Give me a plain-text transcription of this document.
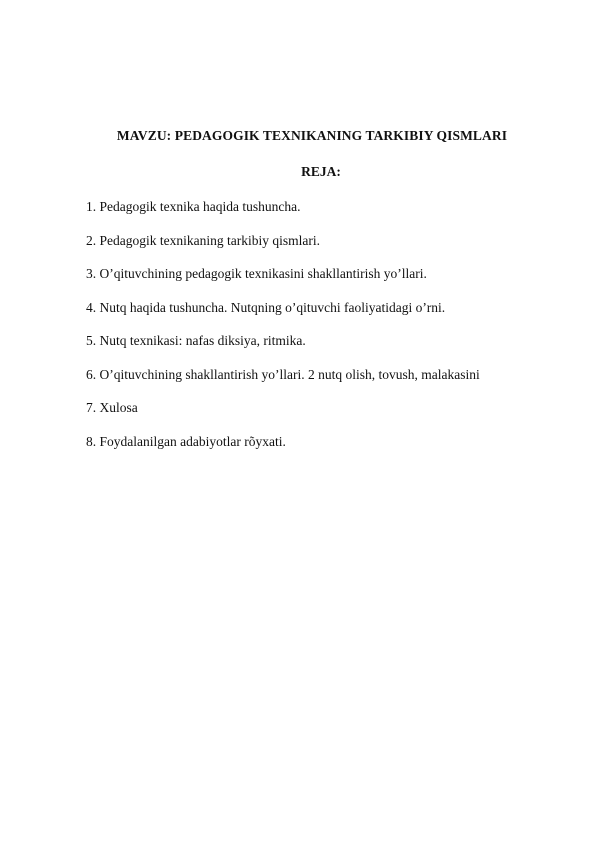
MAVZU: PEDAGOGIK TEXNIKANING TARKIBIY QISMLARI
REJA:
1. Pedagogik texnika haqida tushuncha.
2. Pedagogik texnikaning tarkibiy qismlari.
3. O’qituvchining pedagogik texnikasini shakllantirish yo’llari.
4. Nutq haqida tushuncha. Nutqning o’qituvchi faoliyatidagi o’rni.
5. Nutq texnikasi: nafas diksiya, ritmika.
6. O’qituvchining shakllantirish yo’llari. 2 nutq olish, tovush, malakasini
7. Xulosa
8. Foydalanilgan adabiyotlar rõyxati.
